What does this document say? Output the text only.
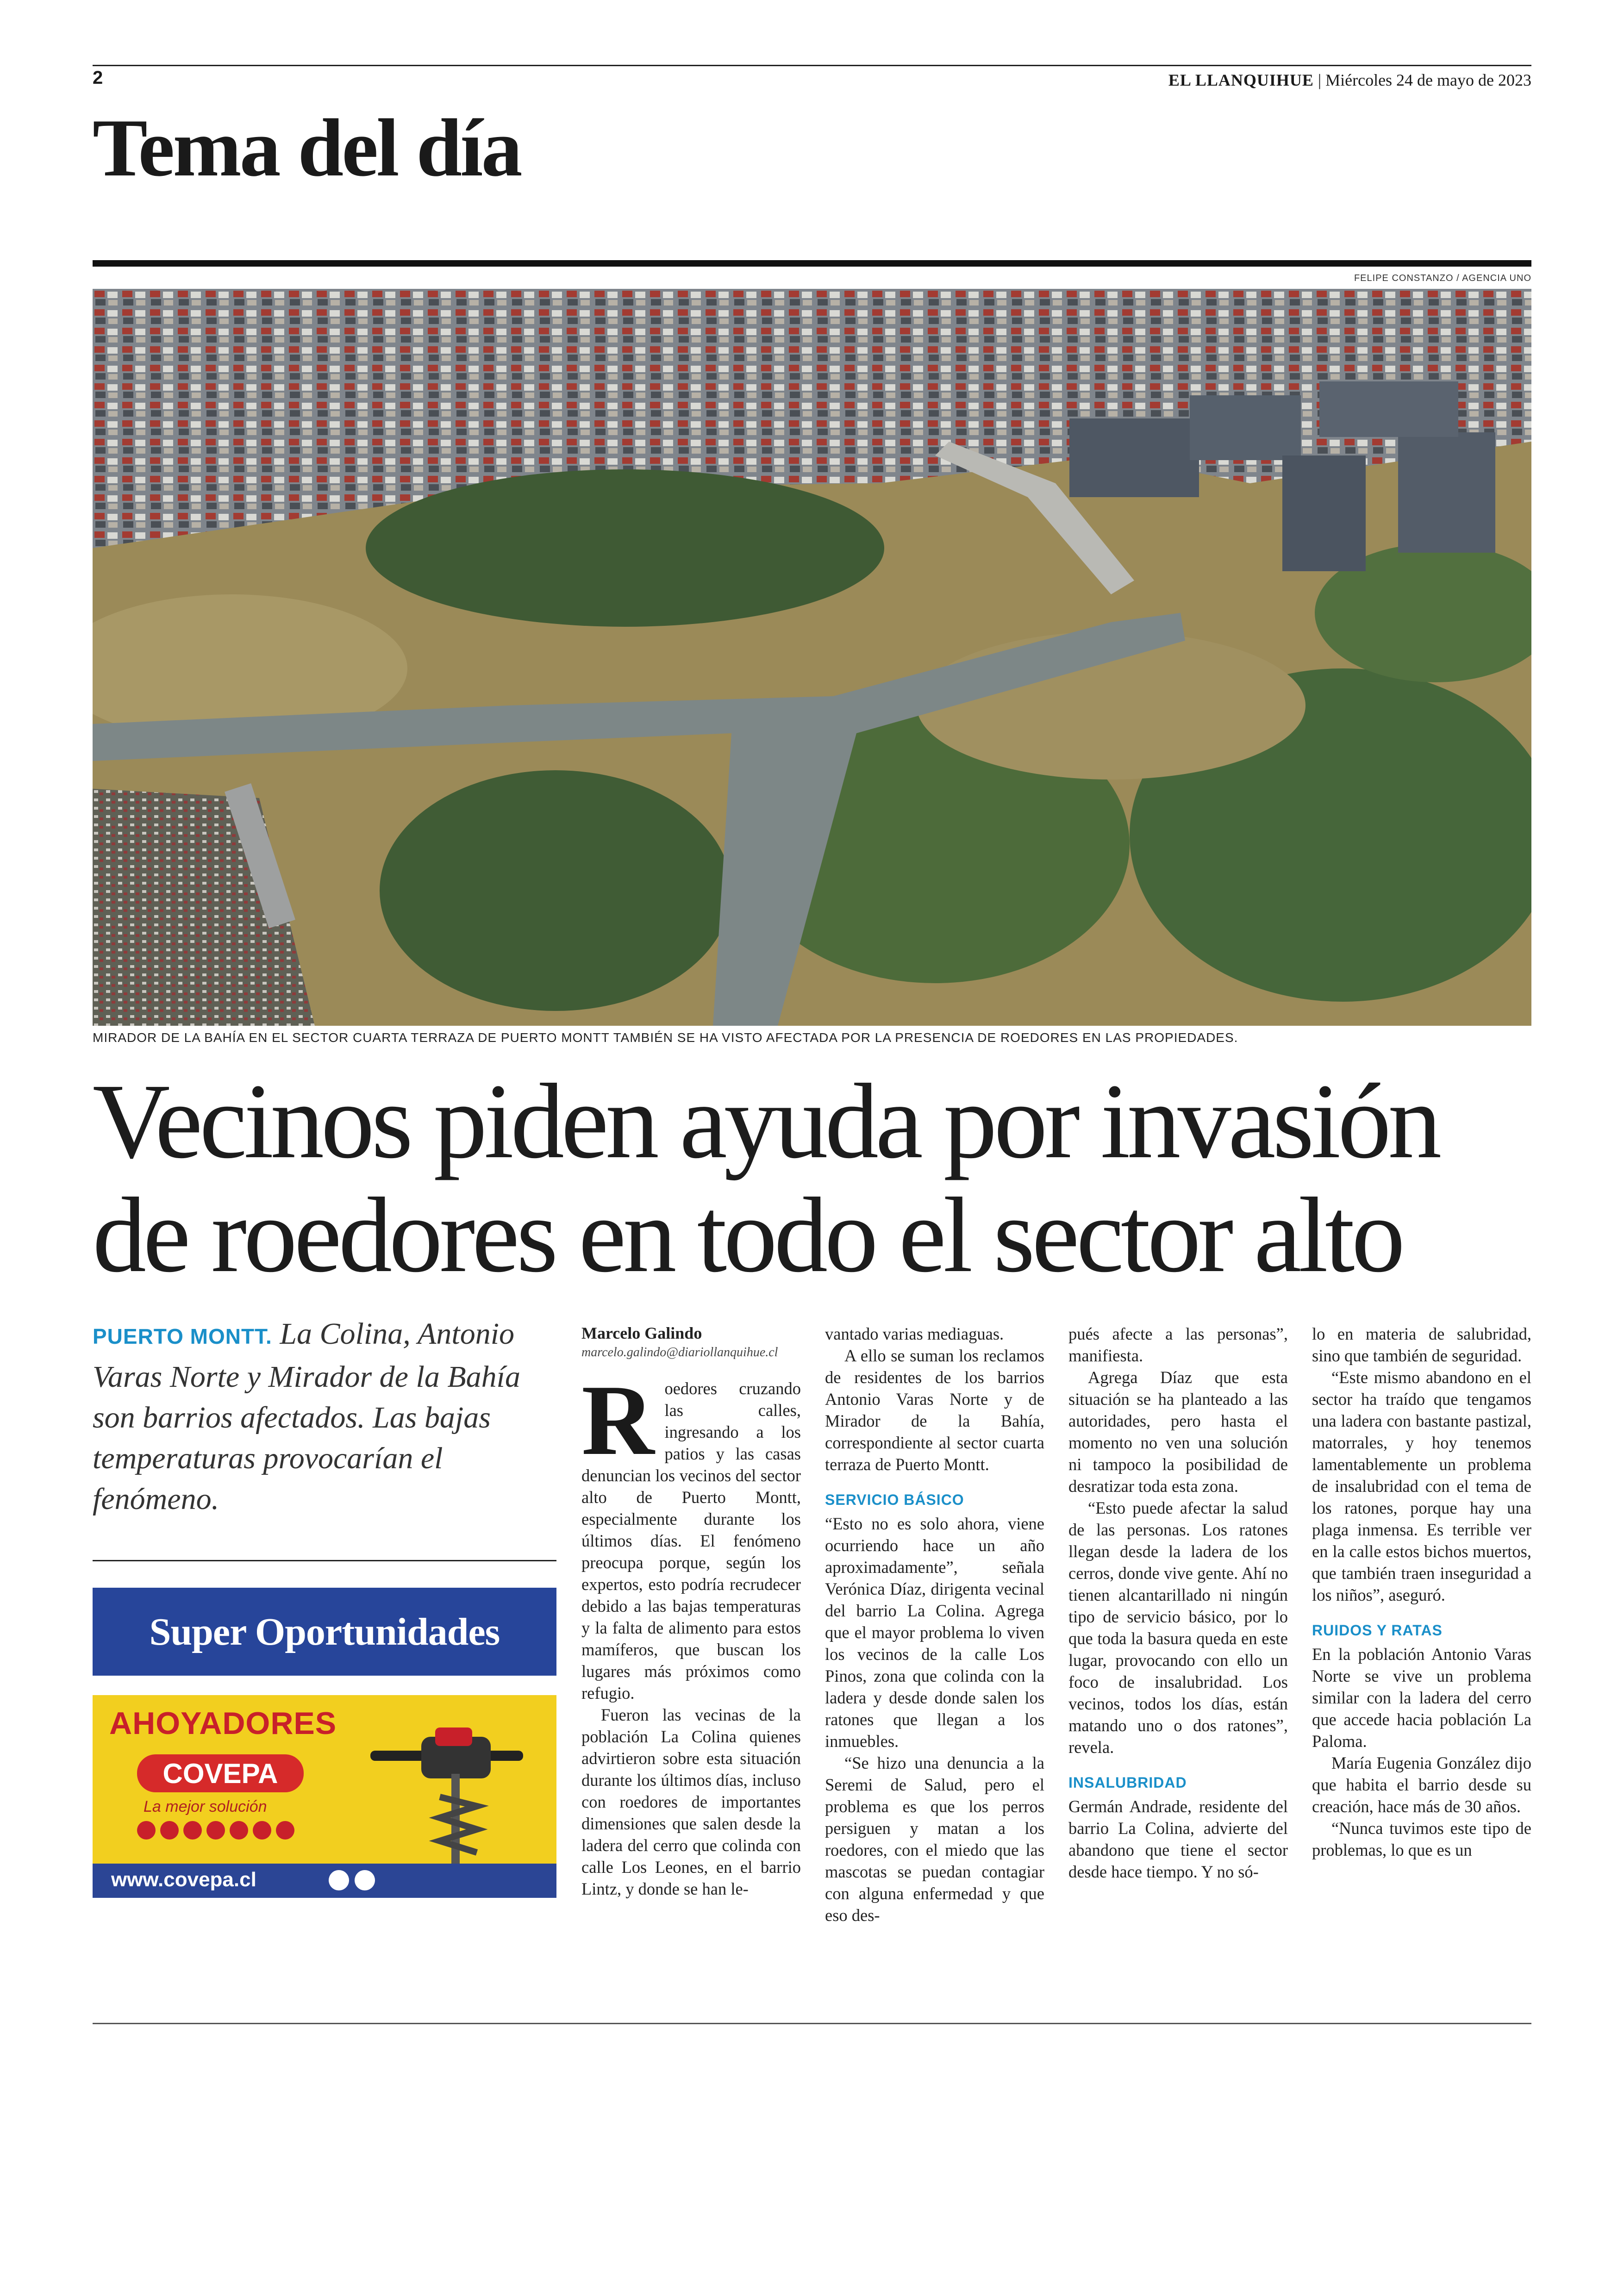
2	EL LLANQUIHUE | Miércoles 24 de mayo de 2023
Tema del día
FELIPE CONSTANZO / AGENCIA UNO
MIRADOR DE LA BAHÍA EN EL SECTOR CUARTA TERRAZA DE PUERTO MONTT TAMBIÉN SE HA VISTO AFECTADA POR LA PRESENCIA DE ROEDORES EN LAS PROPIEDADES.
Vecinos piden ayuda por invasión
de roedores en todo el sector alto
PUERTO MONTT. La Colina, Antonio Varas Norte y Mirador de la Bahía son barrios afectados. Las bajas temperaturas provocarían el fenómeno.
Super Oportunidades
AHOYADORES
COVEPA
La mejor solución
www.covepa.cl
Marcelo Galindo
marcelo.galindo@diariollanquihue.cl

Roedores cruzando las calles, ingresando a los patios y las casas denuncian los vecinos del sector alto de Puerto Montt, especialmente durante los últimos días. El fenómeno preocupa porque, según los expertos, esto podría recrudecer debido a las bajas temperaturas y la falta de alimento para estos mamíferos, que buscan los lugares más próximos como refugio.

Fueron las vecinas de la población La Colina quienes advirtieron sobre esta situación durante los últimos días, incluso con roedores de importantes dimensiones que salen desde la ladera del cerro que colinda con calle Los Leones, en el barrio Lintz, y donde se han le-

vantado varias mediaguas.

A ello se suman los reclamos de residentes de los barrios Antonio Varas Norte y de Mirador de la Bahía, correspondiente al sector cuarta terraza de Puerto Montt.

SERVICIO BÁSICO

“Esto no es solo ahora, viene ocurriendo hace un año aproximadamente”, señala Verónica Díaz, dirigenta vecinal del barrio La Colina. Agrega que el mayor problema lo viven los vecinos de la calle Los Pinos, zona que colinda con la ladera y desde donde salen los ratones que llegan a los inmuebles.

“Se hizo una denuncia a la Seremi de Salud, pero el problema es que los perros persiguen y matan a los roedores, con el miedo que las mascotas se puedan contagiar con alguna enfermedad y que eso des-

pués afecte a las personas”, manifiesta.

Agrega Díaz que esta situación se ha planteado a las autoridades, pero hasta el momento no ven una solución ni tampoco la posibilidad de desratizar toda esta zona.

“Esto puede afectar la salud de las personas. Los ratones llegan desde la ladera de los cerros, donde vive gente. Ahí no tienen alcantarillado ni ningún tipo de servicio básico, por lo que toda la basura queda en este lugar, provocando con ello un foco de insalubridad. Los vecinos, todos los días, están matando uno o dos ratones”, revela.

INSALUBRIDAD

Germán Andrade, residente del barrio La Colina, advierte del abandono que tiene el sector desde hace tiempo. Y no só-

lo en materia de salubridad, sino que también de seguridad.

“Este mismo abandono en el sector ha traído que tengamos una ladera con bastante pastizal, matorrales, y hoy tenemos lamentablemente un problema de insalubridad con el tema de los ratones, porque hay una plaga inmensa. Es terrible ver en la calle estos bichos muertos, que también traen inseguridad a los niños”, aseguró.

RUIDOS Y RATAS

En la población Antonio Varas Norte se vive un problema similar con la ladera del cerro que accede hacia población La Paloma.

María Eugenia González dijo que habita el barrio desde su creación, hace más de 30 años.

“Nunca tuvimos este tipo de problemas, lo que es un
